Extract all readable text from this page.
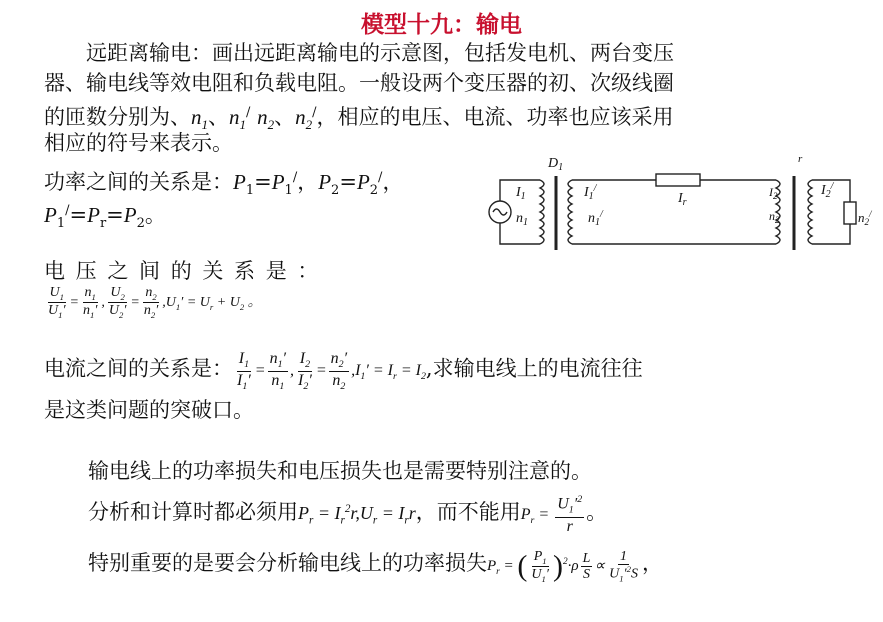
模型十九：输电
远距离输电：画出远距离输电的示意图，包括发电机、两台变压
器、输电线等效电阻和负载电阻。一般设两个变压器的初、次级线圈
的匝数分别为、$n_1$、$n_1^/$ $n_2$、$n_2^/$，相应的电压、电流、功率也应该采用
相应的符号来表示。
功率之间的关系是：$P_1=P_1^/$，$P_2=P_2^/$，
$P_1^/=P_r=P_2$。
$D_1$
r
$I_r$
$I_1$
$n_1$
$I_1^/$
$n_1^/$
$I_2$
$n_2$
$I_2^/$
$n_2^/$
电 压 之 间 的 关 系 是 ：
$\frac{U_1}{U_1'} = \frac{n_1}{n_1'}$ , $\frac{U_2}{U_2'} = \frac{n_2}{n_2'} ,U_1' = U_r + U_2$ 。
电流之间的关系是： $\frac{I_1}{I_1'} = \frac{n_1'}{n_1}$ , $\frac{I_2}{I_2'} = \frac{n_2'}{n_2} ,I_1' = I_r = I_2$,求输电线上的电流往往
是这类问题的突破口。
输电线上的功率损失和电压损失也是需要特别注意的。
分析和计算时都必须用$P_r = I_r^2r,U_r = I_rr$，而不能用$P_r = \frac{U_1'^2}{r}$ 。
特别重要的是要会分析输电线上的功率损失$P_r$ = ( $\frac{P_1}{U_1'} )^2\cdot\rho \frac{L}{S} \propto \frac{1}{U_1'^2S}$ ，
